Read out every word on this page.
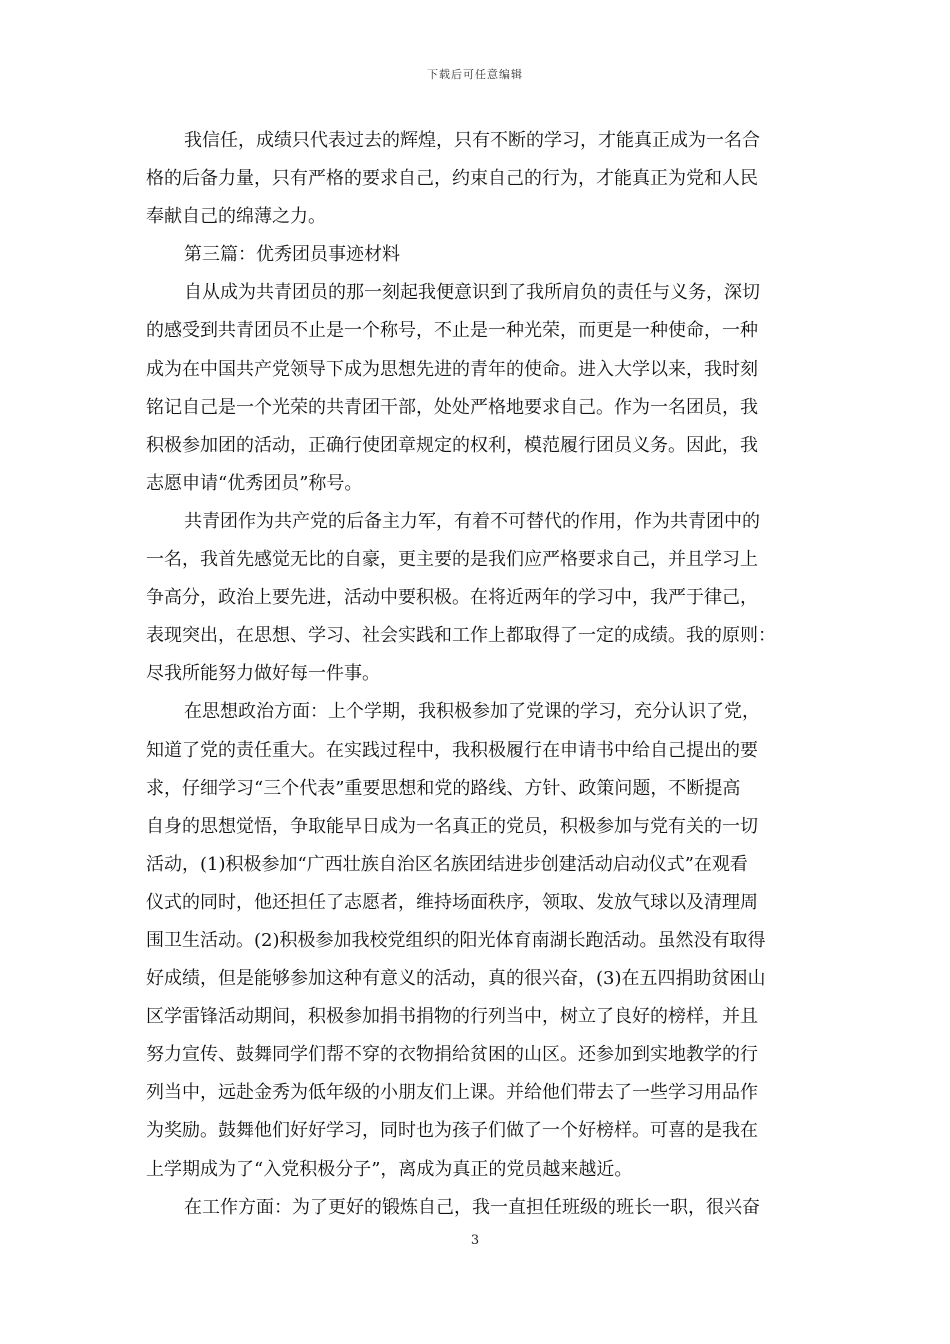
下载后可任意编辑
我信任，成绩只代表过去的辉煌，只有不断的学习，才能真正成为一名合
格的后备力量，只有严格的要求自己，约束自己的行为，才能真正为党和人民
奉献自己的绵薄之力。
第三篇：优秀团员事迹材料
自从成为共青团员的那一刻起我便意识到了我所肩负的责任与义务，深切
的感受到共青团员不止是一个称号，不止是一种光荣，而更是一种使命，一种
成为在中国共产党领导下成为思想先进的青年的使命。进入大学以来，我时刻
铭记自己是一个光荣的共青团干部，处处严格地要求自己。作为一名团员，我
积极参加团的活动，正确行使团章规定的权利，模范履行团员义务。因此，我
志愿申请“优秀团员”称号。
共青团作为共产党的后备主力军，有着不可替代的作用，作为共青团中的
一名，我首先感觉无比的自豪，更主要的是我们应严格要求自己，并且学习上
争高分，政治上要先进，活动中要积极。在将近两年的学习中，我严于律己，
表现突出，在思想、学习、社会实践和工作上都取得了一定的成绩。我的原则：
尽我所能努力做好每一件事。
在思想政治方面：上个学期，我积极参加了党课的学习，充分认识了党，
知道了党的责任重大。在实践过程中，我积极履行在申请书中给自己提出的要
求，仔细学习“三个代表”重要思想和党的路线、方针、政策问题，不断提高
自身的思想觉悟，争取能早日成为一名真正的党员，积极参加与党有关的一切
活动，(1)积极参加“广西壮族自治区名族团结进步创建活动启动仪式”在观看
仪式的同时，他还担任了志愿者，维持场面秩序，领取、发放气球以及清理周
围卫生活动。(2)积极参加我校党组织的阳光体育南湖长跑活动。虽然没有取得
好成绩，但是能够参加这种有意义的活动，真的很兴奋，(3)在五四捐助贫困山
区学雷锋活动期间，积极参加捐书捐物的行列当中，树立了良好的榜样，并且
努力宣传、鼓舞同学们帮不穿的衣物捐给贫困的山区。还参加到实地教学的行
列当中，远赴金秀为低年级的小朋友们上课。并给他们带去了一些学习用品作
为奖励。鼓舞他们好好学习，同时也为孩子们做了一个好榜样。可喜的是我在
上学期成为了“入党积极分子”，离成为真正的党员越来越近。
在工作方面：为了更好的锻炼自己，我一直担任班级的班长一职，很兴奋
3
